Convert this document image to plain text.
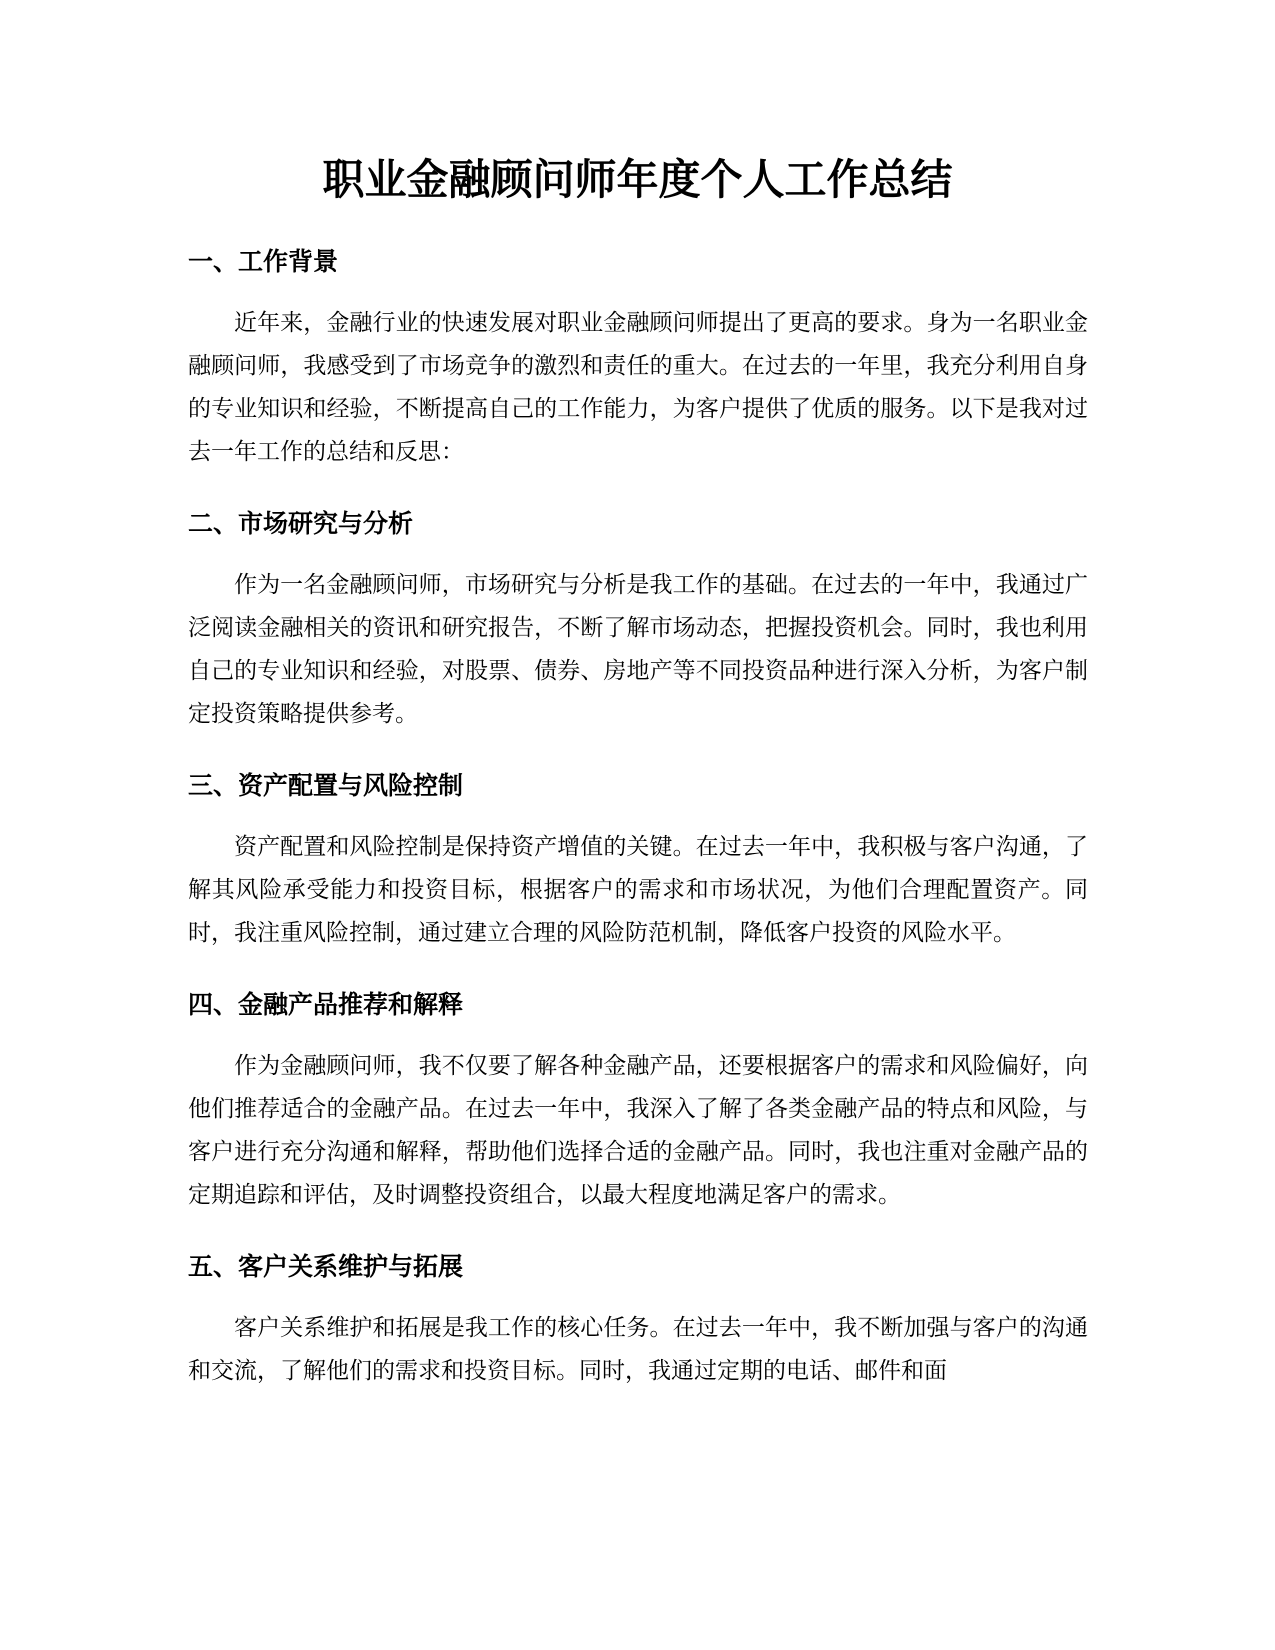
职业金融顾问师年度个人工作总结
一、工作背景

近年来，金融行业的快速发展对职业金融顾问师提出了更高的要求。身为一名职业金融顾问师，我感受到了市场竞争的激烈和责任的重大。在过去的一年里，我充分利用自身的专业知识和经验，不断提高自己的工作能力，为客户提供了优质的服务。以下是我对过去一年工作的总结和反思：

二、市场研究与分析

作为一名金融顾问师，市场研究与分析是我工作的基础。在过去的一年中，我通过广泛阅读金融相关的资讯和研究报告，不断了解市场动态，把握投资机会。同时，我也利用自己的专业知识和经验，对股票、债券、房地产等不同投资品种进行深入分析，为客户制定投资策略提供参考。

三、资产配置与风险控制

资产配置和风险控制是保持资产增值的关键。在过去一年中，我积极与客户沟通，了解其风险承受能力和投资目标，根据客户的需求和市场状况，为他们合理配置资产。同时，我注重风险控制，通过建立合理的风险防范机制，降低客户投资的风险水平。

四、金融产品推荐和解释

作为金融顾问师，我不仅要了解各种金融产品，还要根据客户的需求和风险偏好，向他们推荐适合的金融产品。在过去一年中，我深入了解了各类金融产品的特点和风险，与客户进行充分沟通和解释，帮助他们选择合适的金融产品。同时，我也注重对金融产品的定期追踪和评估，及时调整投资组合，以最大程度地满足客户的需求。

五、客户关系维护与拓展

客户关系维护和拓展是我工作的核心任务。在过去一年中，我不断加强与客户的沟通和交流，了解他们的需求和投资目标。同时，我通过定期的电话、邮件和面
